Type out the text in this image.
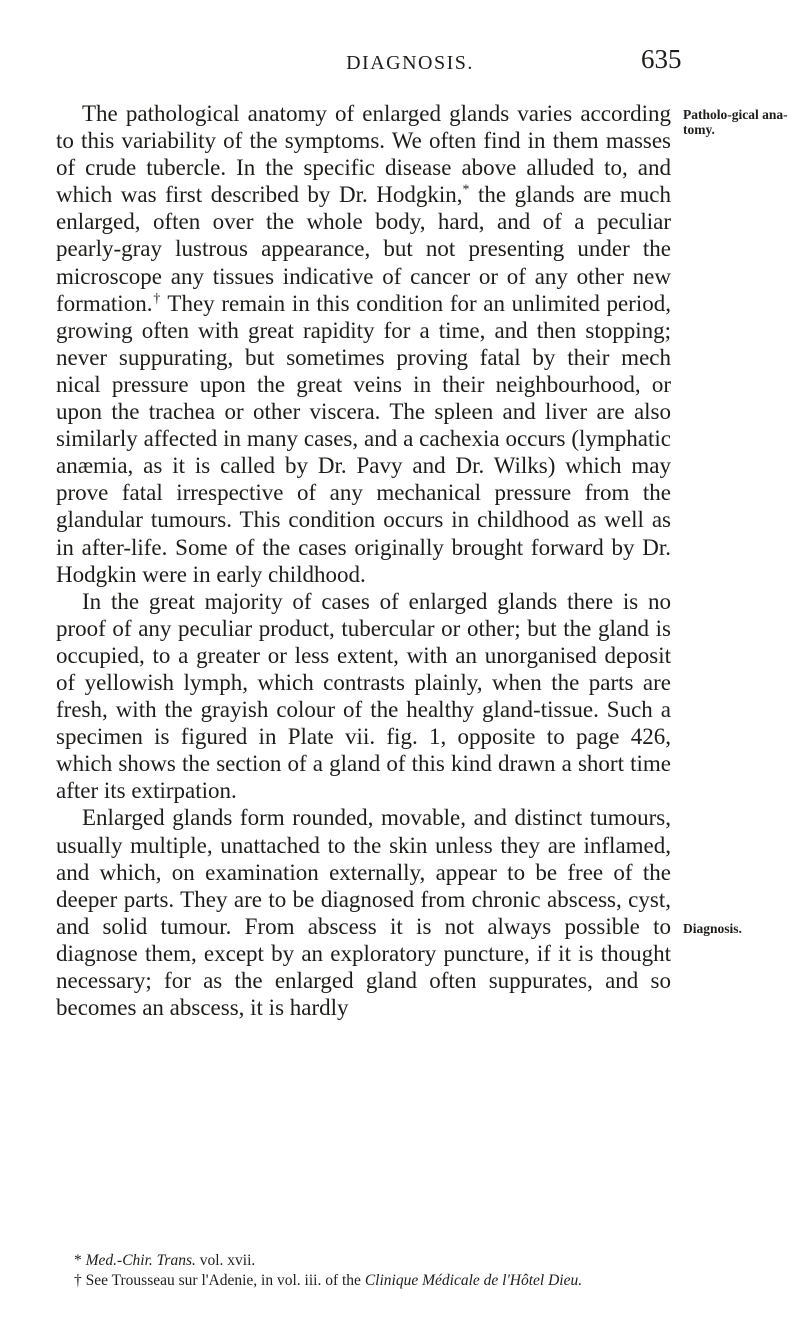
DIAGNOSIS.	635
Patholo-gical ana-tomy.
Diagnosis.

The pathological anatomy of enlarged glands varies according to this variability of the symptoms. We often find in them masses of crude tubercle. In the specific disease above alluded to, and which was first described by Dr. Hodgkin,* the glands are much enlarged, often over the whole body, hard, and of a peculiar pearly-gray lustrous appearance, but not presenting under the microscope any tissues indicative of cancer or of any other new formation.† They remain in this condition for an unlimited period, growing often with great rapidity for a time, and then stopping; never suppurating, but sometimes proving fatal by their mech nical pressure upon the great veins in their neighbourhood, or upon the trachea or other viscera. The spleen and liver are also similarly affected in many cases, and a cachexia occurs (lymphatic anæmia, as it is called by Dr. Pavy and Dr. Wilks) which may prove fatal irrespective of any mechanical pressure from the glandular tumours. This condition occurs in childhood as well as in after-life. Some of the cases originally brought forward by Dr. Hodgkin were in early childhood.

In the great majority of cases of enlarged glands there is no proof of any peculiar product, tubercular or other; but the gland is occupied, to a greater or less extent, with an unorganised deposit of yellowish lymph, which contrasts plainly, when the parts are fresh, with the grayish colour of the healthy gland-tissue. Such a specimen is figured in Plate vii. fig. 1, opposite to page 426, which shows the section of a gland of this kind drawn a short time after its extirpation.

Enlarged glands form rounded, movable, and distinct tumours, usually multiple, unattached to the skin unless they are inflamed, and which, on examination externally, appear to be free of the deeper parts. They are to be diagnosed from chronic abscess, cyst, and solid tumour. From abscess it is not always possible to diagnose them, except by an exploratory puncture, if it is thought necessary; for as the enlarged gland often suppurates, and so becomes an abscess, it is hardly

* Med.-Chir. Trans. vol. xvii.

† See Trousseau sur l'Adenie, in vol. iii. of the Clinique Médicale de l'Hôtel Dieu.
